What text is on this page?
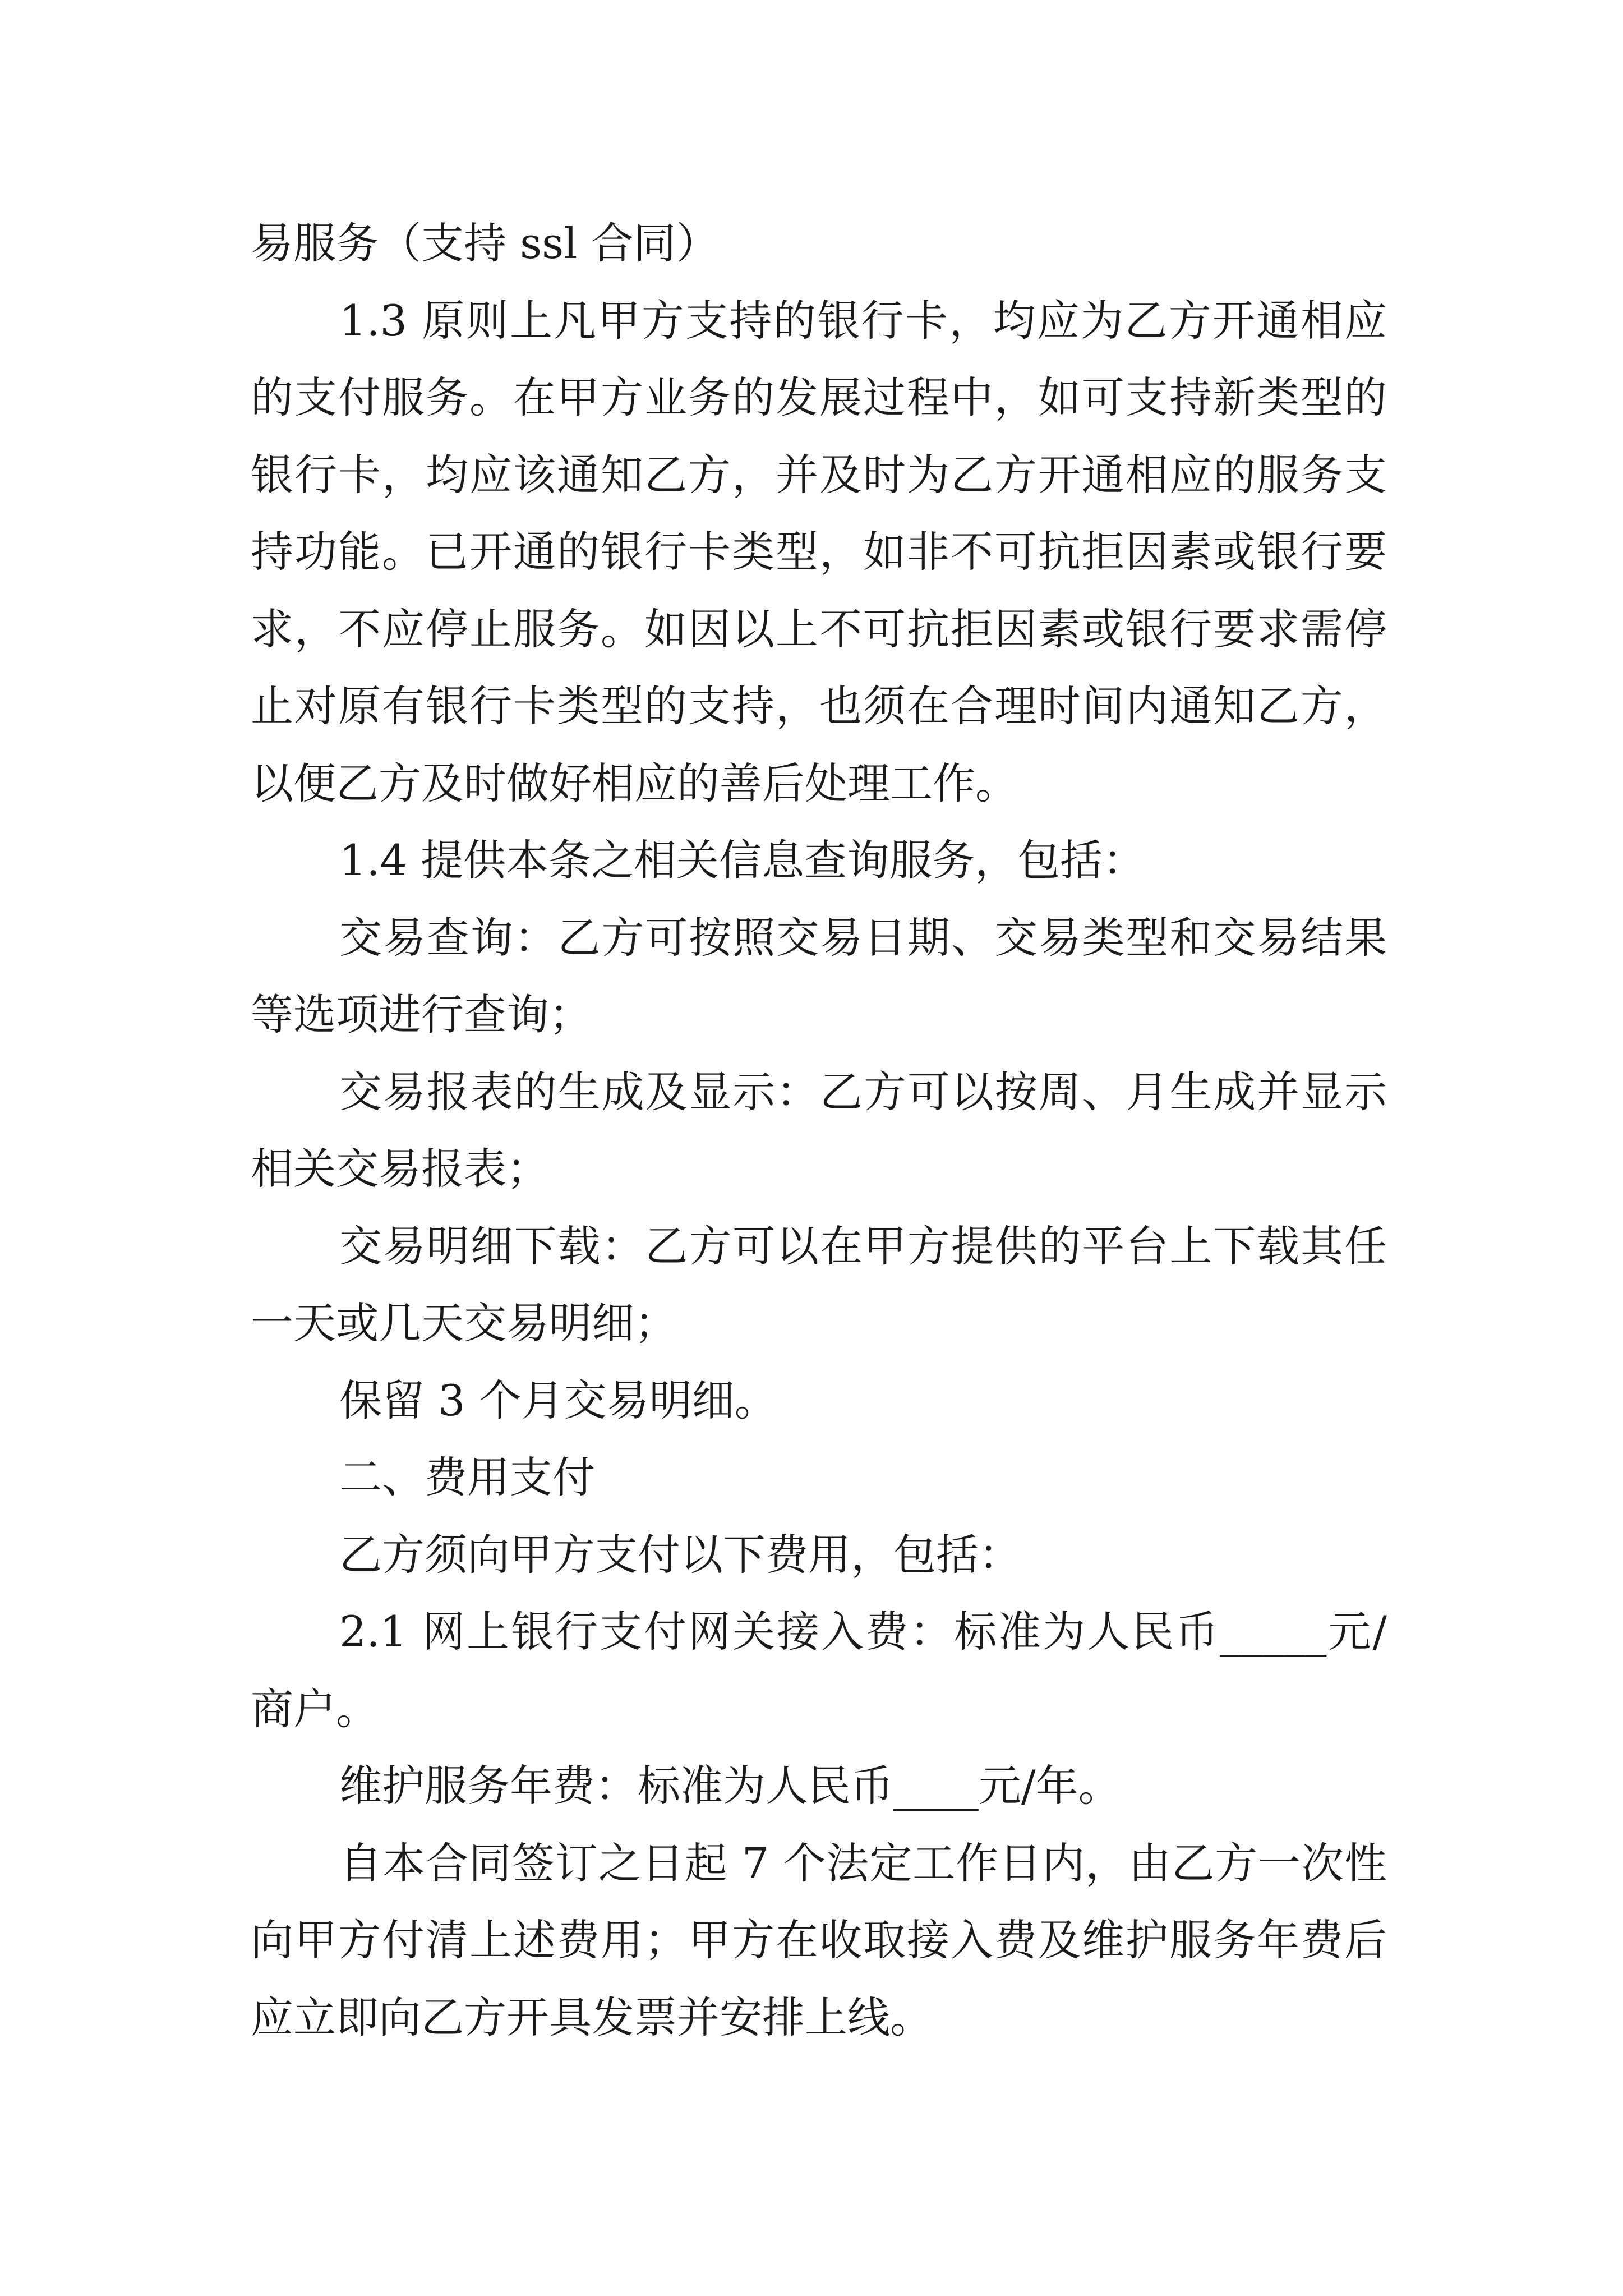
易服务（支持 ssl 合同）
1.3 原则上凡甲方支持的银行卡，均应为乙方开通相应
的支付服务。在甲方业务的发展过程中，如可支持新类型的
银行卡，均应该通知乙方，并及时为乙方开通相应的服务支
持功能。已开通的银行卡类型，如非不可抗拒因素或银行要
求，不应停止服务。如因以上不可抗拒因素或银行要求需停
止对原有银行卡类型的支持，也须在合理时间内通知乙方，
以便乙方及时做好相应的善后处理工作。
1.4 提供本条之相关信息查询服务，包括：
交易查询：乙方可按照交易日期、交易类型和交易结果
等选项进行查询；
交易报表的生成及显示：乙方可以按周、月生成并显示
相关交易报表；
交易明细下载：乙方可以在甲方提供的平台上下载其任
一天或几天交易明细；
保留 3 个月交易明细。
二、费用支付
乙方须向甲方支付以下费用，包括：
2.1 网上银行支付网关接入费：标准为人民币_____元/
商户。
维护服务年费：标准为人民币____元/年。
自本合同签订之日起 7 个法定工作日内，由乙方一次性
向甲方付清上述费用；甲方在收取接入费及维护服务年费后
应立即向乙方开具发票并安排上线。
